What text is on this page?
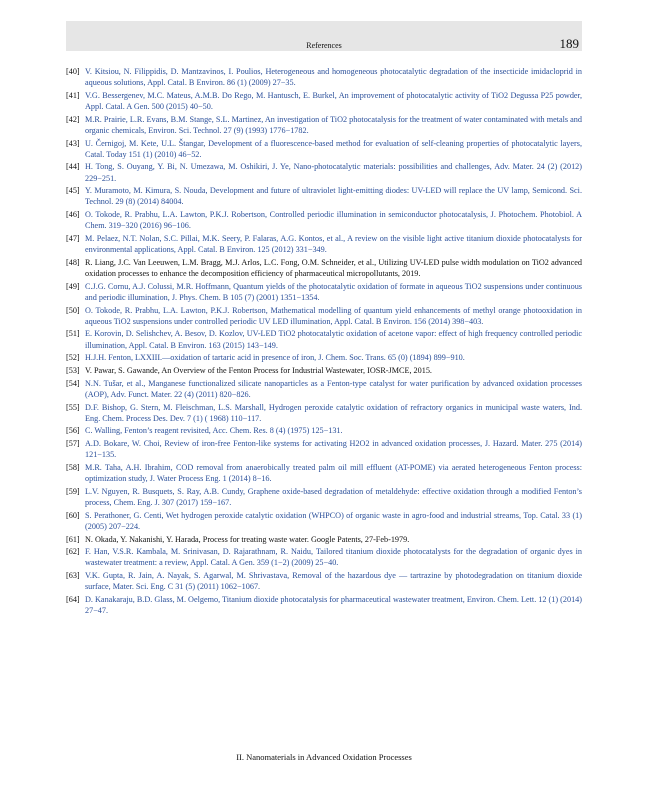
References	189
[40] V. Kitsiou, N. Filippidis, D. Mantzavinos, I. Poulios, Heterogeneous and homogeneous photocatalytic degradation of the insecticide imidacloprid in aqueous solutions, Appl. Catal. B Environ. 86 (1) (2009) 27−35.
[41] V.G. Bessergenev, M.C. Mateus, A.M.B. Do Rego, M. Hantusch, E. Burkel, An improvement of photocatalytic activity of TiO2 Degussa P25 powder, Appl. Catal. A Gen. 500 (2015) 40−50.
[42] M.R. Prairie, L.R. Evans, B.M. Stange, S.L. Martinez, An investigation of TiO2 photocatalysis for the treatment of water contaminated with metals and organic chemicals, Environ. Sci. Technol. 27 (9) (1993) 1776−1782.
[43] U. Černigoj, M. Kete, U.L. Štangar, Development of a fluorescence-based method for evaluation of self-cleaning properties of photocatalytic layers, Catal. Today 151 (1) (2010) 46−52.
[44] H. Tong, S. Ouyang, Y. Bi, N. Umezawa, M. Oshikiri, J. Ye, Nano-photocatalytic materials: possibilities and challenges, Adv. Mater. 24 (2) (2012) 229−251.
[45] Y. Muramoto, M. Kimura, S. Nouda, Development and future of ultraviolet light-emitting diodes: UV-LED will replace the UV lamp, Semicond. Sci. Technol. 29 (8) (2014) 84004.
[46] O. Tokode, R. Prabhu, L.A. Lawton, P.K.J. Robertson, Controlled periodic illumination in semiconductor photocatalysis, J. Photochem. Photobiol. A Chem. 319−320 (2016) 96−106.
[47] M. Pelaez, N.T. Nolan, S.C. Pillai, M.K. Seery, P. Falaras, A.G. Kontos, et al., A review on the visible light active titanium dioxide photocatalysts for environmental applications, Appl. Catal. B Environ. 125 (2012) 331−349.
[48] R. Liang, J.C. Van Leeuwen, L.M. Bragg, M.J. Arlos, L.C. Fong, O.M. Schneider, et al., Utilizing UV-LED pulse width modulation on TiO2 advanced oxidation processes to enhance the decomposition efficiency of pharmaceutical micropollutants, 2019.
[49] C.J.G. Cornu, A.J. Colussi, M.R. Hoffmann, Quantum yields of the photocatalytic oxidation of formate in aqueous TiO2 suspensions under continuous and periodic illumination, J. Phys. Chem. B 105 (7) (2001) 1351−1354.
[50] O. Tokode, R. Prabhu, L.A. Lawton, P.K.J. Robertson, Mathematical modelling of quantum yield enhancements of methyl orange photooxidation in aqueous TiO2 suspensions under controlled periodic UV LED illumination, Appl. Catal. B Environ. 156 (2014) 398−403.
[51] E. Korovin, D. Selishchev, A. Besov, D. Kozlov, UV-LED TiO2 photocatalytic oxidation of acetone vapor: effect of high frequency controlled periodic illumination, Appl. Catal. B Environ. 163 (2015) 143−149.
[52] H.J.H. Fenton, LXXIII.—oxidation of tartaric acid in presence of iron, J. Chem. Soc. Trans. 65 (0) (1894) 899−910.
[53] V. Pawar, S. Gawande, An Overview of the Fenton Process for Industrial Wastewater, IOSR-JMCE, 2015.
[54] N.N. Tušar, et al., Manganese functionalized silicate nanoparticles as a Fenton-type catalyst for water purification by advanced oxidation processes (AOP), Adv. Funct. Mater. 22 (4) (2011) 820−826.
[55] D.F. Bishop, G. Stern, M. Fleischman, L.S. Marshall, Hydrogen peroxide catalytic oxidation of refractory organics in municipal waste waters, Ind. Eng. Chem. Process Des. Dev. 7 (1) ( 1968) 110−117.
[56] C. Walling, Fenton’s reagent revisited, Acc. Chem. Res. 8 (4) (1975) 125−131.
[57] A.D. Bokare, W. Choi, Review of iron-free Fenton-like systems for activating H2O2 in advanced oxidation processes, J. Hazard. Mater. 275 (2014) 121−135.
[58] M.R. Taha, A.H. Ibrahim, COD removal from anaerobically treated palm oil mill effluent (AT-POME) via aerated heterogeneous Fenton process: optimization study, J. Water Process Eng. 1 (2014) 8−16.
[59] L.V. Nguyen, R. Busquets, S. Ray, A.B. Cundy, Graphene oxide-based degradation of metaldehyde: effective oxidation through a modified Fenton’s process, Chem. Eng. J. 307 (2017) 159−167.
[60] S. Perathoner, G. Centi, Wet hydrogen peroxide catalytic oxidation (WHPCO) of organic waste in agro-food and industrial streams, Top. Catal. 33 (1) (2005) 207−224.
[61] N. Okada, Y. Nakanishi, Y. Harada, Process for treating waste water. Google Patents, 27-Feb-1979.
[62] F. Han, V.S.R. Kambala, M. Srinivasan, D. Rajarathnam, R. Naidu, Tailored titanium dioxide photocatalysts for the degradation of organic dyes in wastewater treatment: a review, Appl. Catal. A Gen. 359 (1−2) (2009) 25−40.
[63] V.K. Gupta, R. Jain, A. Nayak, S. Agarwal, M. Shrivastava, Removal of the hazardous dye — tartrazine by photodegradation on titanium dioxide surface, Mater. Sci. Eng. C 31 (5) (2011) 1062−1067.
[64] D. Kanakaraju, B.D. Glass, M. Oelgemo, Titanium dioxide photocatalysis for pharmaceutical wastewater treatment, Environ. Chem. Lett. 12 (1) (2014) 27−47.
II. Nanomaterials in Advanced Oxidation Processes
